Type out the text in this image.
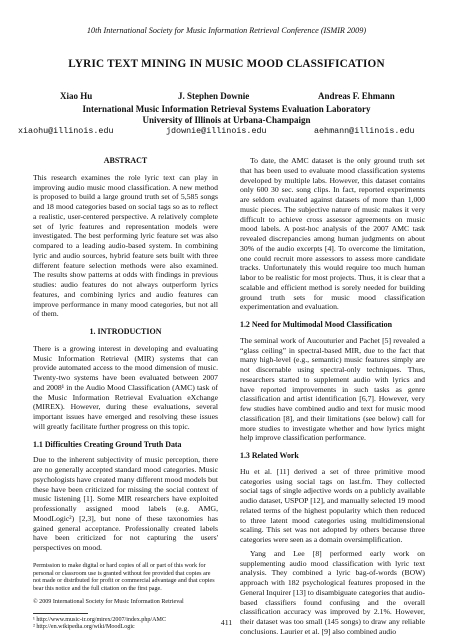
10th International Society for Music Information Retrieval Conference (ISMIR 2009)
LYRIC TEXT MINING IN MUSIC MOOD CLASSIFICATION
Xiao Hu	J. Stephen Downie	Andreas F. Ehmann
International Music Information Retrieval Systems Evaluation Laboratory
University of Illinois at Urbana-Champaign
xiaohu@illinois.edu	jdownie@illinois.edu	aehmann@illinois.edu
ABSTRACT

This research examines the role lyric text can play in improving audio music mood classification. A new method is proposed to build a large ground truth set of 5,585 songs and 18 mood categories based on social tags so as to reflect a realistic, user-centered perspective. A relatively complete set of lyric features and representation models were investigated. The best performing lyric feature set was also compared to a leading audio-based system. In combining lyric and audio sources, hybrid feature sets built with three different feature selection methods were also examined. The results show patterns at odds with findings in previous studies: audio features do not always outperform lyrics features, and combining lyrics and audio features can improve performance in many mood categories, but not all of them.

1. INTRODUCTION

There is a growing interest in developing and evaluating Music Information Retrieval (MIR) systems that can provide automated access to the mood dimension of music. Twenty-two systems have been evaluated between 2007 and 2008¹ in the Audio Mood Classification (AMC) task of the Music Information Retrieval Evaluation eXchange (MIREX). However, during these evaluations, several important issues have emerged and resolving these issues will greatly facilitate further progress on this topic.

1.1 Difficulties Creating Ground Truth Data

Due to the inherent subjectivity of music perception, there are no generally accepted standard mood categories. Music psychologists have created many different mood models but these have been criticized for missing the social context of music listening [1]. Some MIR researchers have exploited professionally assigned mood labels (e.g. AMG, MoodLogic²) [2,3], but none of these taxonomies has gained general acceptance. Professionally created labels have been criticized for not capturing the users' perspectives on mood.

Permission to make digital or hard copies of all or part of this work for personal or classroom use is granted without fee provided that copies are not made or distributed for profit or commercial advantage and that copies bear this notice and the full citation on the first page.

© 2009 International Society for Music Information Retrieval

¹ http://www.music-ir.org/mirex/2007/index.php/AMC
² http://en.wikipedia.org/wiki/MoodLogic

To date, the AMC dataset is the only ground truth set that has been used to evaluate mood classification systems developed by multiple labs. However, this dataset contains only 600 30 sec. song clips. In fact, reported experiments are seldom evaluated against datasets of more than 1,000 music pieces. The subjective nature of music makes it very difficult to achieve cross assessor agreements on music mood labels. A post-hoc analysis of the 2007 AMC task revealed discrepancies among human judgments on about 30% of the audio excerpts [4]. To overcome the limitation, one could recruit more assessors to assess more candidate tracks. Unfortunately this would require too much human labor to be realistic for most projects. Thus, it is clear that a scalable and efficient method is sorely needed for building ground truth sets for music mood classification experimentation and evaluation.

1.2 Need for Multimodal Mood Classification

The seminal work of Aucouturier and Pachet [5] revealed a “glass ceiling” in spectral-based MIR, due to the fact that many high-level (e.g., semantic) music features simply are not discernable using spectral-only techniques. Thus, researchers started to supplement audio with lyrics and have reported improvements in such tasks as genre classification and artist identification [6,7]. However, very few studies have combined audio and text for music mood classification [8], and their limitations (see below) call for more studies to investigate whether and how lyrics might help improve classification performance.

1.3 Related Work

Hu et al. [11] derived a set of three primitive mood categories using social tags on last.fm. They collected social tags of single adjective words on a publicly available audio dataset, USPOP [12], and manually selected 19 mood related terms of the highest popularity which then reduced to three latent mood categories using multidimensional scaling. This set was not adopted by others because three categories were seen as a domain oversimplification.

Yang and Lee [8] performed early work on supplementing audio mood classification with lyric text analysis. They combined a lyric bag-of-words (BOW) approach with 182 psychological features proposed in the General Inquirer [13] to disambiguate categories that audio-based classifiers found confusing and the overall classification accuracy was improved by 2.1%. However, their dataset was too small (145 songs) to draw any reliable conclusions. Laurier et al. [9] also combined audio

411
